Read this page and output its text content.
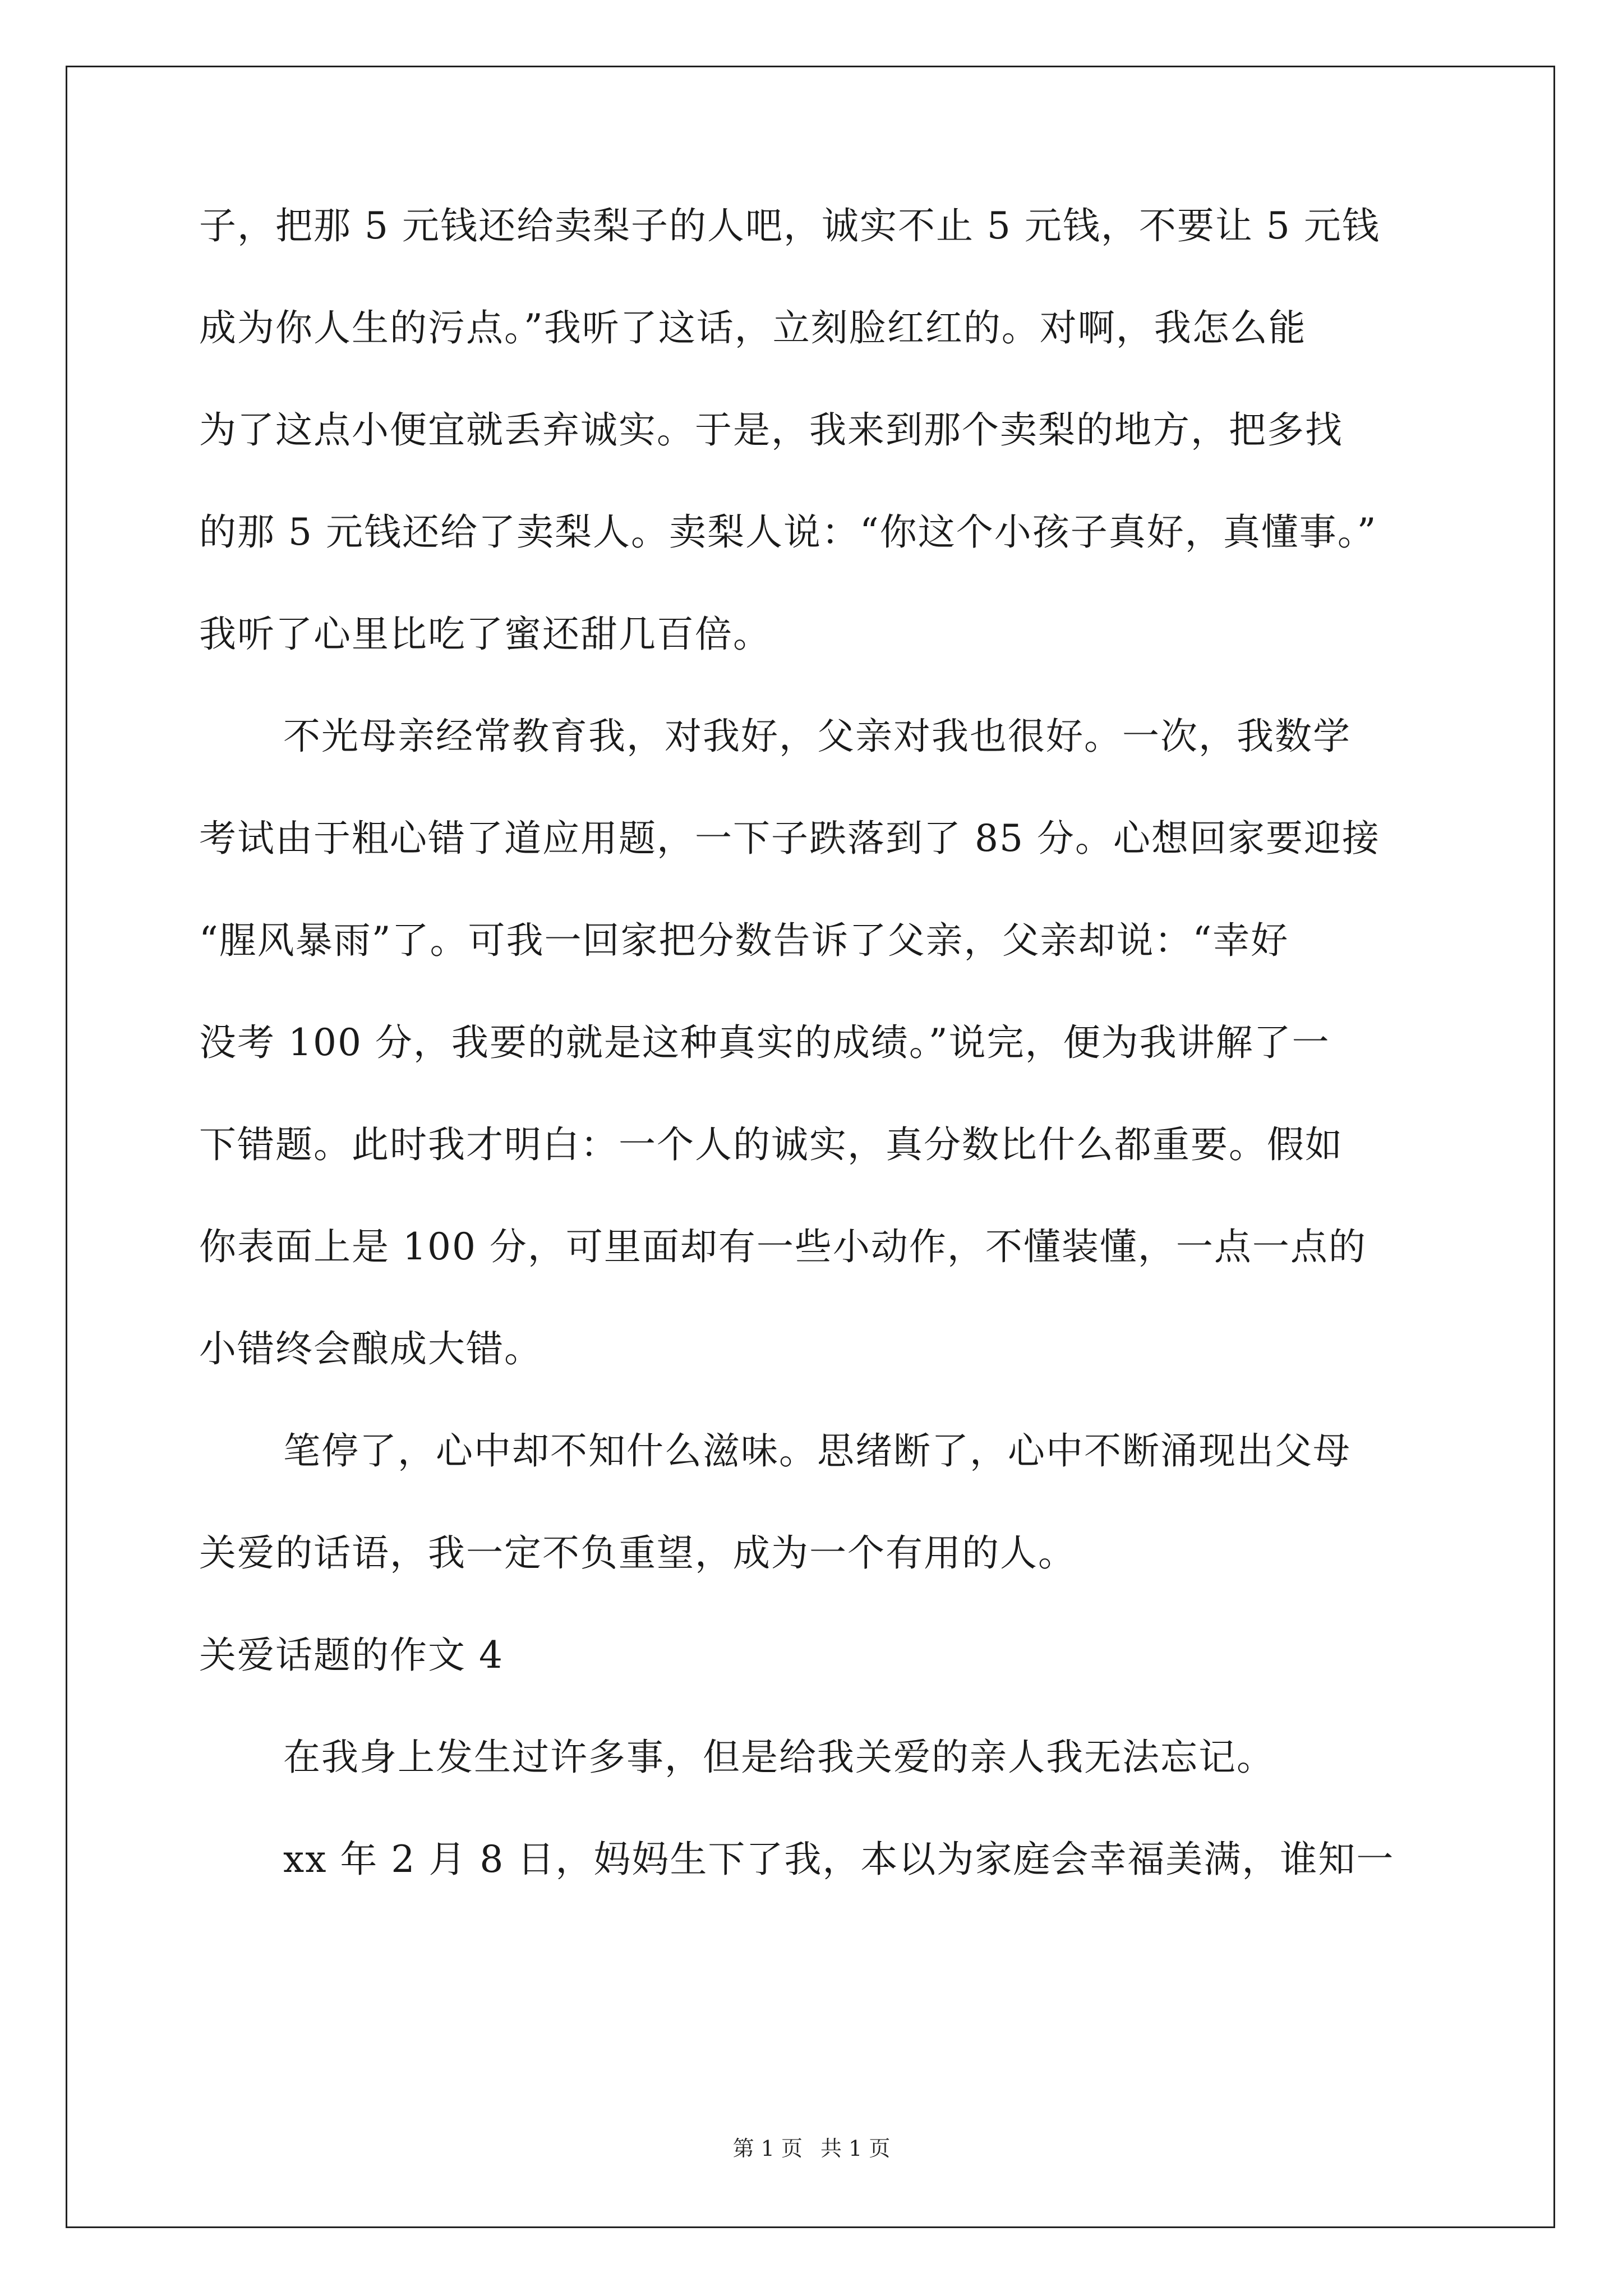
子，把那 5 元钱还给卖梨子的人吧，诚实不止 5 元钱，不要让 5 元钱
成为你人生的污点。”我听了这话，立刻脸红红的。对啊，我怎么能
为了这点小便宜就丢弃诚实。于是，我来到那个卖梨的地方，把多找
的那 5 元钱还给了卖梨人。卖梨人说：“你这个小孩子真好，真懂事。”
我听了心里比吃了蜜还甜几百倍。
不光母亲经常教育我，对我好，父亲对我也很好。一次，我数学
考试由于粗心错了道应用题，一下子跌落到了 85 分。心想回家要迎接
“腥风暴雨”了。可我一回家把分数告诉了父亲，父亲却说：“幸好
没考 100 分，我要的就是这种真实的成绩。”说完，便为我讲解了一
下错题。此时我才明白：一个人的诚实，真分数比什么都重要。假如
你表面上是 100 分，可里面却有一些小动作，不懂装懂，一点一点的
小错终会酿成大错。
笔停了，心中却不知什么滋味。思绪断了，心中不断涌现出父母
关爱的话语，我一定不负重望，成为一个有用的人。
关爱话题的作文 4
在我身上发生过许多事，但是给我关爱的亲人我无法忘记。
xx 年 2 月 8 日，妈妈生下了我，本以为家庭会幸福美满，谁知一
第 1 页 共 1 页
